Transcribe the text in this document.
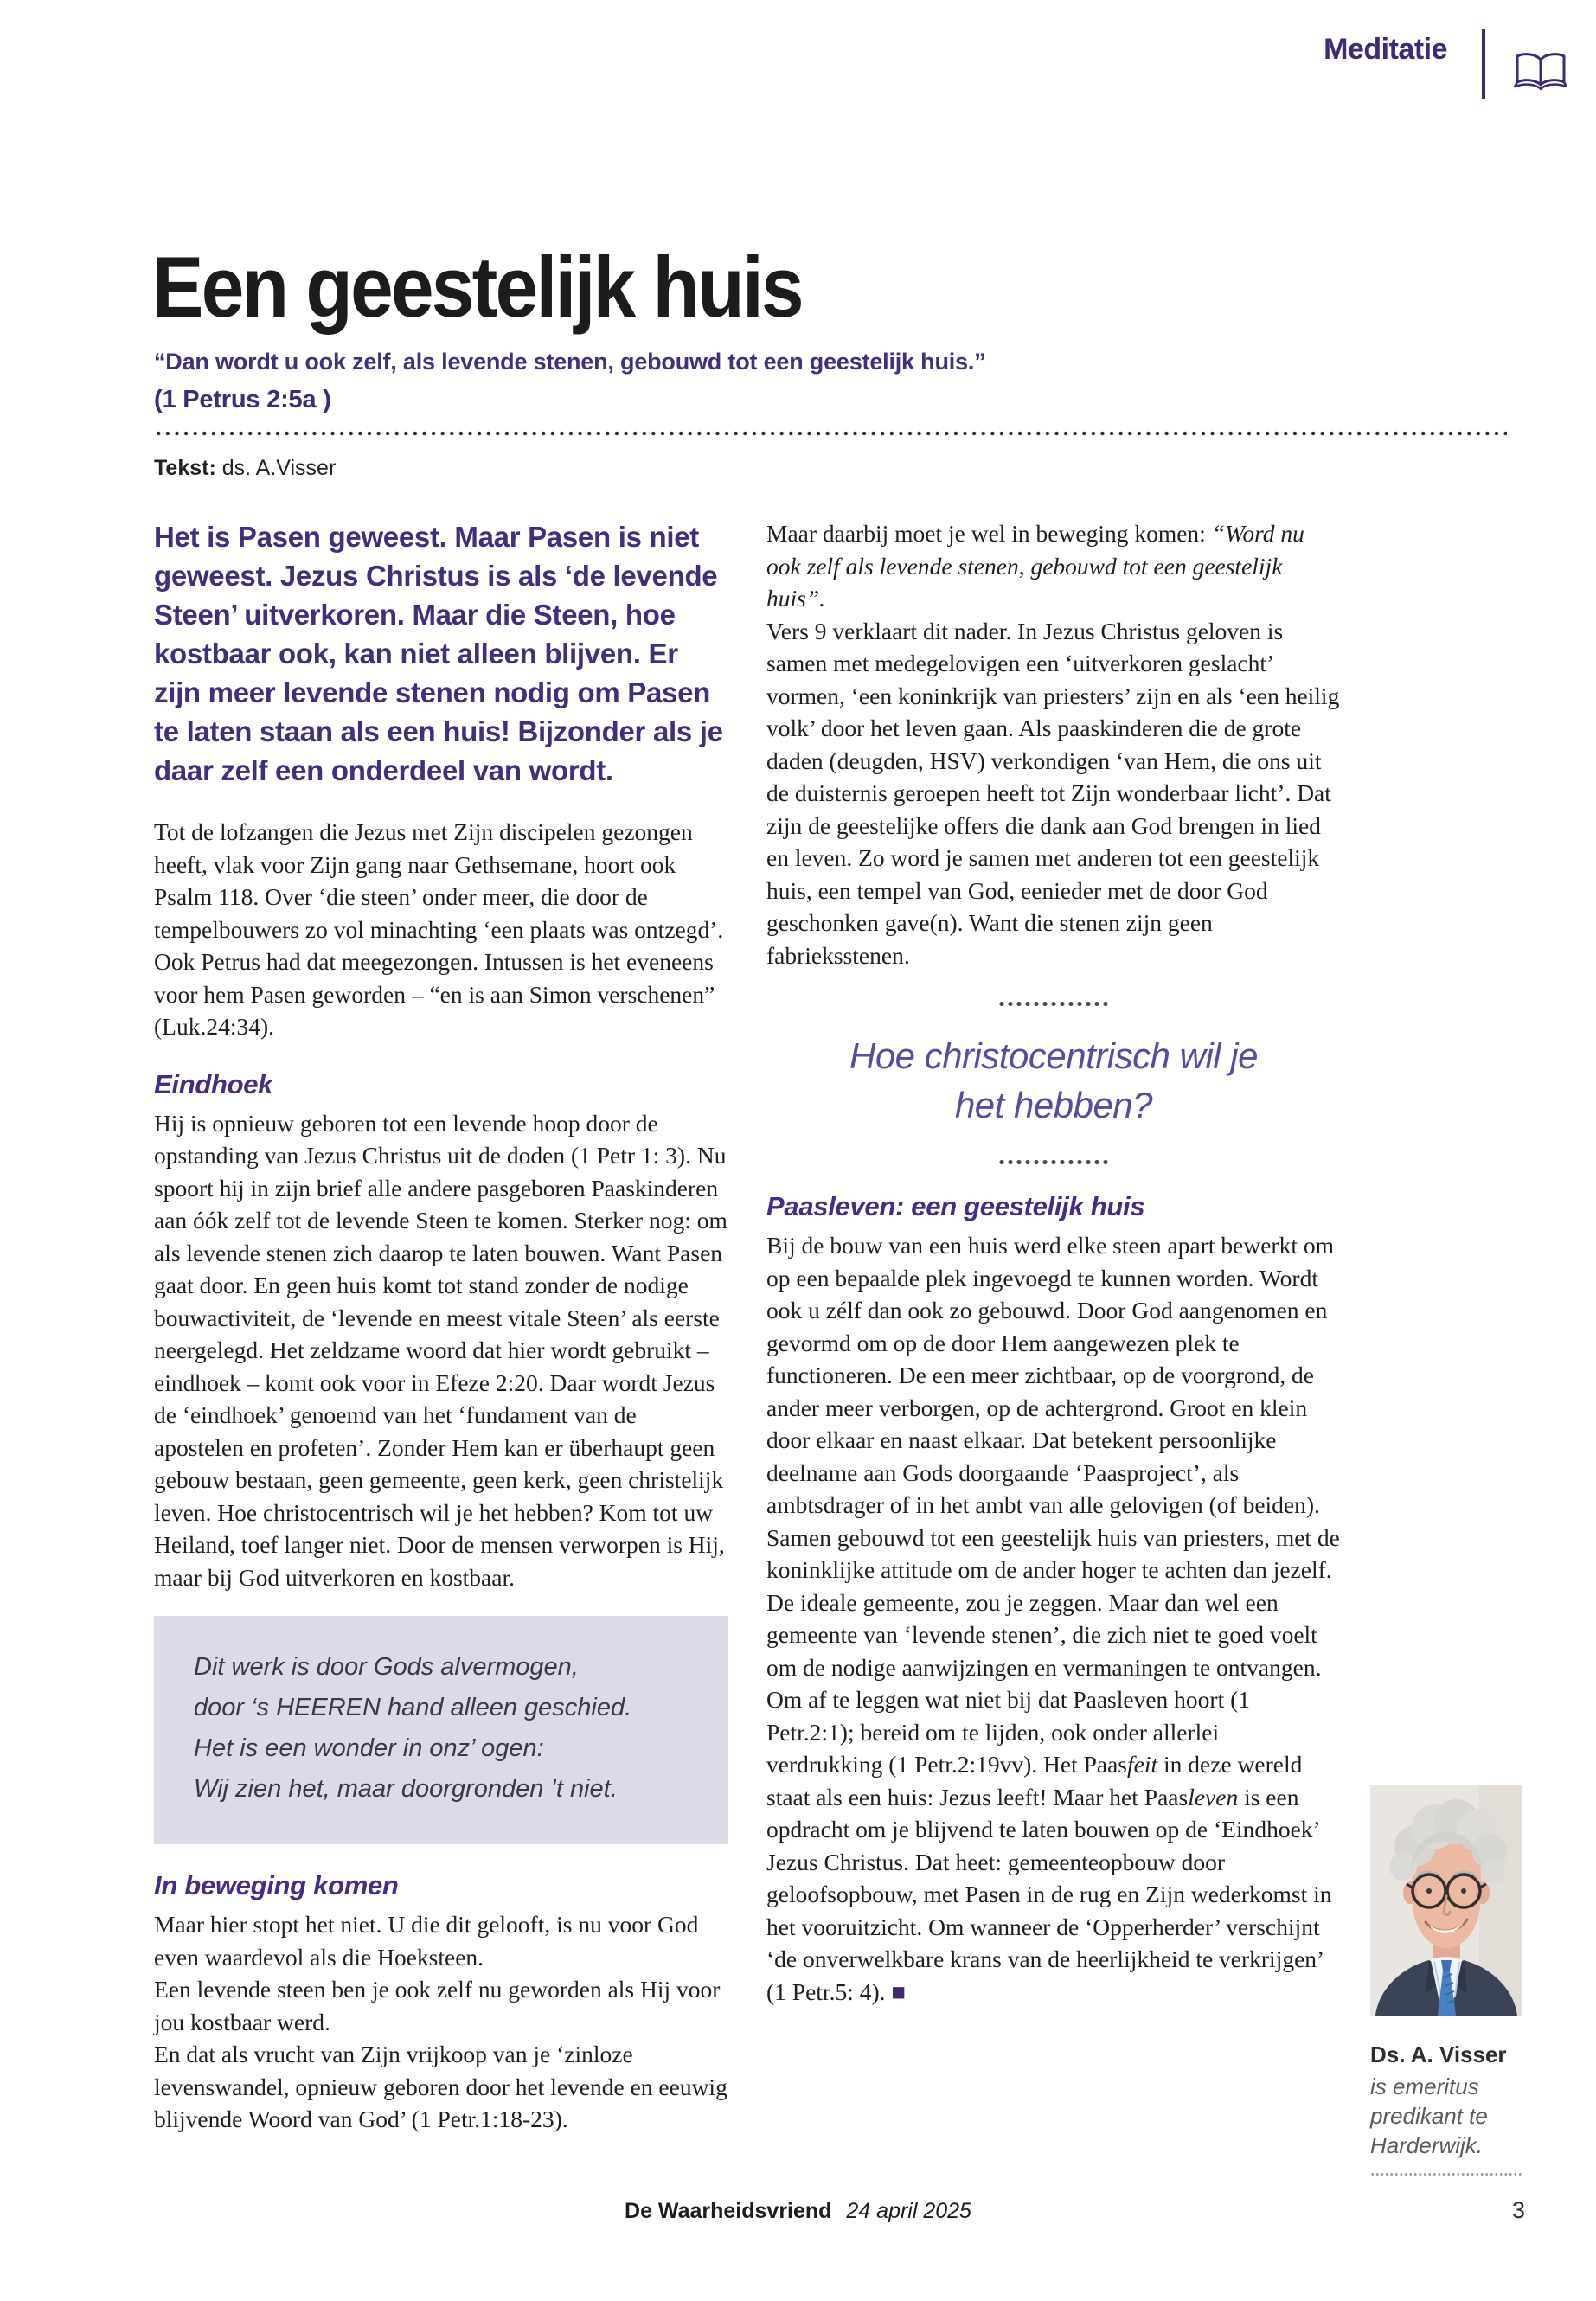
Meditatie
Een geestelijk huis
“Dan wordt u ook zelf, als levende stenen, gebouwd tot een geestelijk huis.”
(1 Petrus 2:5a )
Tekst: ds. A.Visser

Het is Pasen geweest. Maar Pasen is niet geweest. Jezus Christus is als ‘de levende Steen’ uitverkoren. Maar die Steen, hoe kostbaar ook, kan niet alleen blijven. Er zijn meer levende stenen nodig om Pasen te laten staan als een huis! Bijzonder als je daar zelf een onderdeel van wordt.

Tot de lofzangen die Jezus met Zijn discipelen gezongen heeft, vlak voor Zijn gang naar Gethsemane, hoort ook Psalm 118. Over ‘die steen’ onder meer, die door de tempelbouwers zo vol minachting ‘een plaats was ontzegd’. Ook Petrus had dat meegezongen. Intussen is het eveneens voor hem Pasen geworden – “en is aan Simon verschenen” (Luk.24:34).

Eindhoek

Hij is opnieuw geboren tot een levende hoop door de opstanding van Jezus Christus uit de doden (1 Petr 1: 3). Nu spoort hij in zijn brief alle andere pasgeboren Paaskinderen aan óók zelf tot de levende Steen te komen. Sterker nog: om als levende stenen zich daarop te laten bouwen. Want Pasen gaat door. En geen huis komt tot stand zonder de nodige bouwactiviteit, de ‘levende en meest vitale Steen’ als eerste neergelegd. Het zeldzame woord dat hier wordt gebruikt – eindhoek – komt ook voor in Efeze 2:20. Daar wordt Jezus de ‘eindhoek’ genoemd van het ‘fundament van de apostelen en profeten’. Zonder Hem kan er überhaupt geen gebouw bestaan, geen gemeente, geen kerk, geen christelijk leven. Hoe christocentrisch wil je het hebben? Kom tot uw Heiland, toef langer niet. Door de mensen verworpen is Hij, maar bij God uitverkoren en kostbaar.

Dit werk is door Gods alvermogen,
door ‘s HEEREN hand alleen geschied.
Het is een wonder in onz’ ogen:
Wij zien het, maar doorgronden ’t niet.
In beweging komen

Maar hier stopt het niet. U die dit gelooft, is nu voor God even waardevol als die Hoeksteen.

Een levende steen ben je ook zelf nu geworden als Hij voor jou kostbaar werd.

En dat als vrucht van Zijn vrijkoop van je ‘zinloze levenswandel, opnieuw geboren door het levende en eeuwig blijvende Woord van God’ (1 Petr.1:18-23).

Maar daarbij moet je wel in beweging komen: “Word nu ook zelf als levende stenen, gebouwd tot een geestelijk huis”.

Vers 9 verklaart dit nader. In Jezus Christus geloven is samen met medegelovigen een ‘uitverkoren geslacht’ vormen, ‘een koninkrijk van priesters’ zijn en als ‘een heilig volk’ door het leven gaan. Als paaskinderen die de grote daden (deugden, HSV) verkondigen ‘van Hem, die ons uit de duisternis geroepen heeft tot Zijn wonderbaar licht’. Dat zijn de geestelijke offers die dank aan God brengen in lied en leven. Zo word je samen met anderen tot een geestelijk huis, een tempel van God, eenieder met de door God geschonken gave(n). Want die stenen zijn geen fabrieksstenen.

Hoe christocentrisch wil je het hebben?
Paasleven: een geestelijk huis

Bij de bouw van een huis werd elke steen apart bewerkt om op een bepaalde plek ingevoegd te kunnen worden. Wordt ook u zélf dan ook zo gebouwd. Door God aangenomen en gevormd om op de door Hem aangewezen plek te functioneren. De een meer zichtbaar, op de voorgrond, de ander meer verborgen, op de achtergrond. Groot en klein door elkaar en naast elkaar. Dat betekent persoonlijke deelname aan Gods doorgaande ‘Paasproject’, als ambtsdrager of in het ambt van alle gelovigen (of beiden). Samen gebouwd tot een geestelijk huis van priesters, met de koninklijke attitude om de ander hoger te achten dan jezelf. De ideale gemeente, zou je zeggen. Maar dan wel een gemeente van ‘levende stenen’, die zich niet te goed voelt om de nodige aanwijzingen en vermaningen te ontvangen. Om af te leggen wat niet bij dat Paasleven hoort (1 Petr.2:1); bereid om te lijden, ook onder allerlei verdrukking (1 Petr.2:19vv). Het Paasfeit in deze wereld staat als een huis: Jezus leeft! Maar het Paasleven is een opdracht om je blijvend te laten bouwen op de ‘Eindhoek’ Jezus Christus. Dat heet: gemeenteopbouw door geloofsopbouw, met Pasen in de rug en Zijn wederkomst in het vooruitzicht. Om wanneer de ‘Opperherder’ verschijnt ‘de onverwelkbare krans van de heerlijkheid te verkrijgen’ (1 Petr.5: 4). ■

Ds. A. Visser
is emeritus predikant te Harderwijk.
De Waarheidsvriend 24 april 2025	3
